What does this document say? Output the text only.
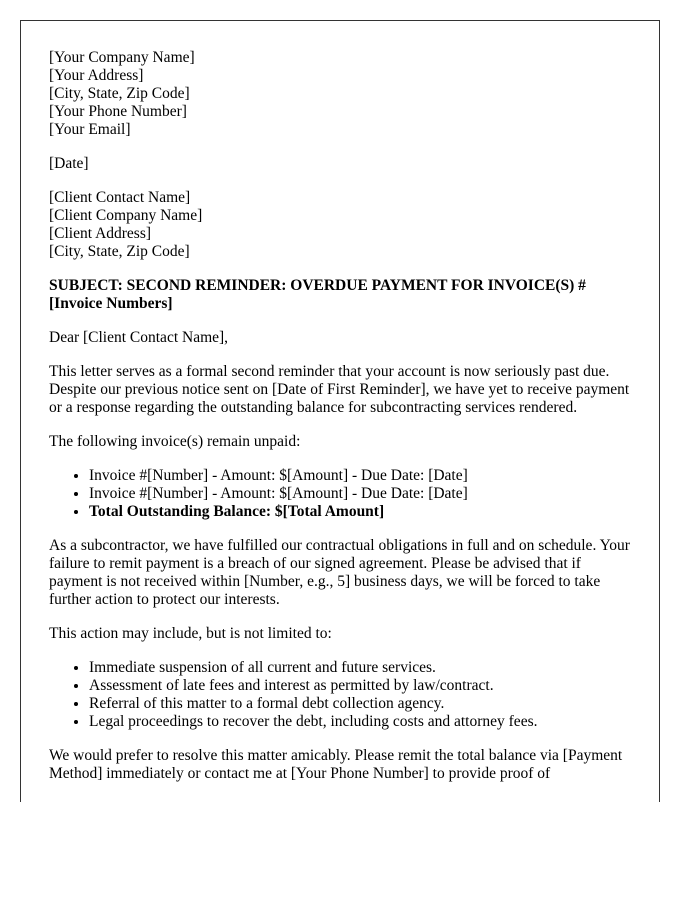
[Your Company Name]
[Your Address]
[City, State, Zip Code]
[Your Phone Number]
[Your Email]

[Date]

[Client Contact Name]
[Client Company Name]
[Client Address]
[City, State, Zip Code]

SUBJECT: SECOND REMINDER: OVERDUE PAYMENT FOR INVOICE(S) # [Invoice Numbers]

Dear [Client Contact Name],

This letter serves as a formal second reminder that your account is now seriously past due. Despite our previous notice sent on [Date of First Reminder], we have yet to receive payment or a response regarding the outstanding balance for subcontracting services rendered.

The following invoice(s) remain unpaid:

• Invoice #[Number] - Amount: $[Amount] - Due Date: [Date]
• Invoice #[Number] - Amount: $[Amount] - Due Date: [Date]
• Total Outstanding Balance: $[Total Amount]

As a subcontractor, we have fulfilled our contractual obligations in full and on schedule. Your failure to remit payment is a breach of our signed agreement. Please be advised that if payment is not received within [Number, e.g., 5] business days, we will be forced to take further action to protect our interests.

This action may include, but is not limited to:

• Immediate suspension of all current and future services.
• Assessment of late fees and interest as permitted by law/contract.
• Referral of this matter to a formal debt collection agency.
• Legal proceedings to recover the debt, including costs and attorney fees.

We would prefer to resolve this matter amicably. Please remit the total balance via [Payment Method] immediately or contact me at [Your Phone Number] to provide proof of
